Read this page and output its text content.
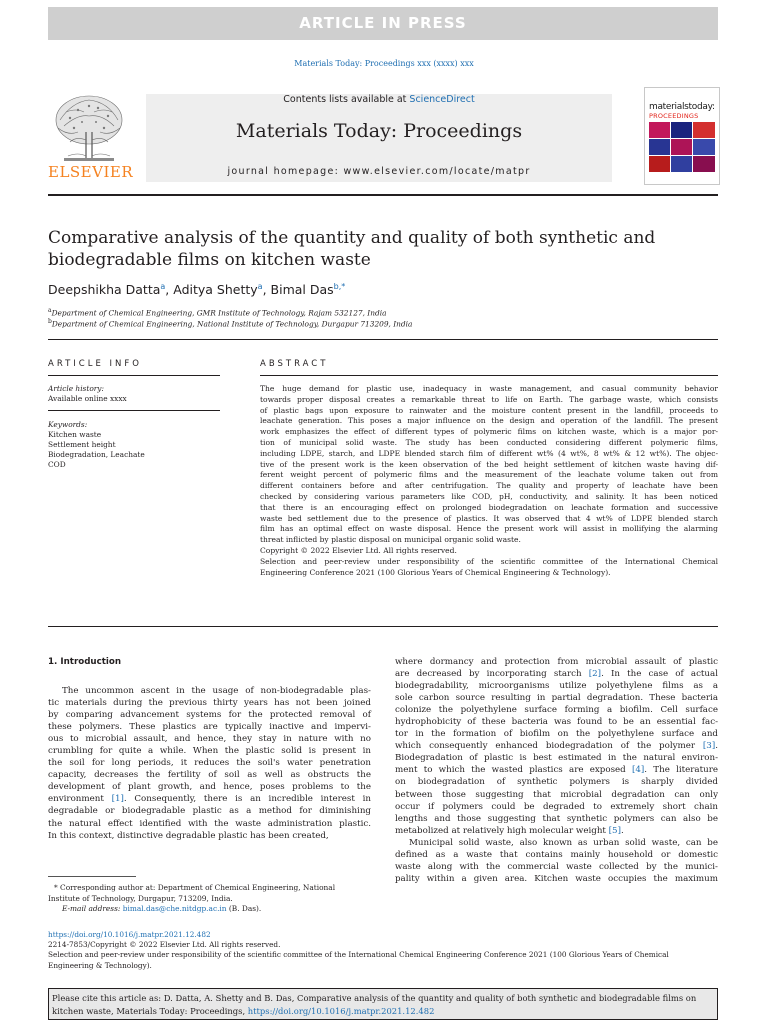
ARTICLE IN PRESS
Materials Today: Proceedings xxx (xxxx) xxx
Contents lists available at ScienceDirect
Materials Today: Proceedings
journal homepage: www.elsevier.com/locate/matpr
ELSEVIER
materialstoday:
PROCEEDINGS
Comparative analysis of the quantity and quality of both synthetic and
biodegradable films on kitchen waste
Deepshikha Datta$^a$, Aditya Shetty$^a$, Bimal Das$^{b,*}$
$^a$Department of Chemical Engineering, GMR Institute of Technology, Rajam 532127, India
$^b$Department of Chemical Engineering, National Institute of Technology, Durgapur 713209, India
ARTICLE INFO
Article history:
Available online xxxx
Keywords:
Kitchen waste
Settlement height
Biodegradation, Leachate
COD
ABSTRACT

The huge demand for plastic use, inadequacy in waste management, and casual community behavior

towards proper disposal creates a remarkable threat to life on Earth. The garbage waste, which consists

of plastic bags upon exposure to rainwater and the moisture content present in the landfill, proceeds to

leachate generation. This poses a major influence on the design and operation of the landfill. The present

work emphasizes the effect of different types of polymeric films on kitchen waste, which is a major por-

tion of municipal solid waste. The study has been conducted considering different polymeric films,

including LDPE, starch, and LDPE blended starch film of different wt% (4 wt%, 8 wt% & 12 wt%). The objec-

tive of the present work is the keen observation of the bed height settlement of kitchen waste having dif-

ferent weight percent of polymeric films and the measurement of the leachate volume taken out from

different containers before and after centrifugation. The quality and property of leachate have been

checked by considering various parameters like COD, pH, conductivity, and salinity. It has been noticed

that there is an encouraging effect on prolonged biodegradation on leachate formation and successive

waste bed settlement due to the presence of plastics. It was observed that 4 wt% of LDPE blended starch

film has an optimal effect on waste disposal. Hence the present work will assist in mollifying the alarming

threat inflicted by plastic disposal on municipal organic solid waste.

Copyright © 2022 Elsevier Ltd. All rights reserved.

Selection and peer-review under responsibility of the scientific committee of the International Chemical

Engineering Conference 2021 (100 Glorious Years of Chemical Engineering & Technology).

1. Introduction

The uncommon ascent in the usage of non-biodegradable plas-

tic materials during the previous thirty years has not been joined

by comparing advancement systems for the protected removal of

these polymers. These plastics are typically inactive and impervi-

ous to microbial assault, and hence, they stay in nature with no

crumbling for quite a while. When the plastic solid is present in

the soil for long periods, it reduces the soil's water penetration

capacity, decreases the fertility of soil as well as obstructs the

development of plant growth, and hence, poses problems to the

environment [1]. Consequently, there is an incredible interest in

degradable or biodegradable plastic as a method for diminishing

the natural effect identified with the waste administration plastic.

In this context, distinctive degradable plastic has been created,

where dormancy and protection from microbial assault of plastic

are decreased by incorporating starch [2]. In the case of actual

biodegradability, microorganisms utilize polyethylene films as a

sole carbon source resulting in partial degradation. These bacteria

colonize the polyethylene surface forming a biofilm. Cell surface

hydrophobicity of these bacteria was found to be an essential fac-

tor in the formation of biofilm on the polyethylene surface and

which consequently enhanced biodegradation of the polymer [3].

Biodegradation of plastic is best estimated in the natural environ-

ment to which the wasted plastics are exposed [4]. The literature

on biodegradation of synthetic polymers is sharply divided

between those suggesting that microbial degradation can only

occur if polymers could be degraded to extremely short chain

lengths and those suggesting that synthetic polymers can also be

metabolized at relatively high molecular weight [5].

Municipal solid waste, also known as urban solid waste, can be

defined as a waste that contains mainly household or domestic

waste along with the commercial waste collected by the munici-

pality within a given area. Kitchen waste occupies the maximum

* Corresponding author at: Department of Chemical Engineering, National
Institute of Technology, Durgapur, 713209, India.
E-mail address: bimal.das@che.nitdgp.ac.in (B. Das).
https://doi.org/10.1016/j.matpr.2021.12.482
2214-7853/Copyright © 2022 Elsevier Ltd. All rights reserved.
Selection and peer-review under responsibility of the scientific committee of the International Chemical Engineering Conference 2021 (100 Glorious Years of Chemical
Engineering & Technology).
Please cite this article as: D. Datta, A. Shetty and B. Das, Comparative analysis of the quantity and quality of both synthetic and biodegradable films on
kitchen waste, Materials Today: Proceedings, https://doi.org/10.1016/j.matpr.2021.12.482
